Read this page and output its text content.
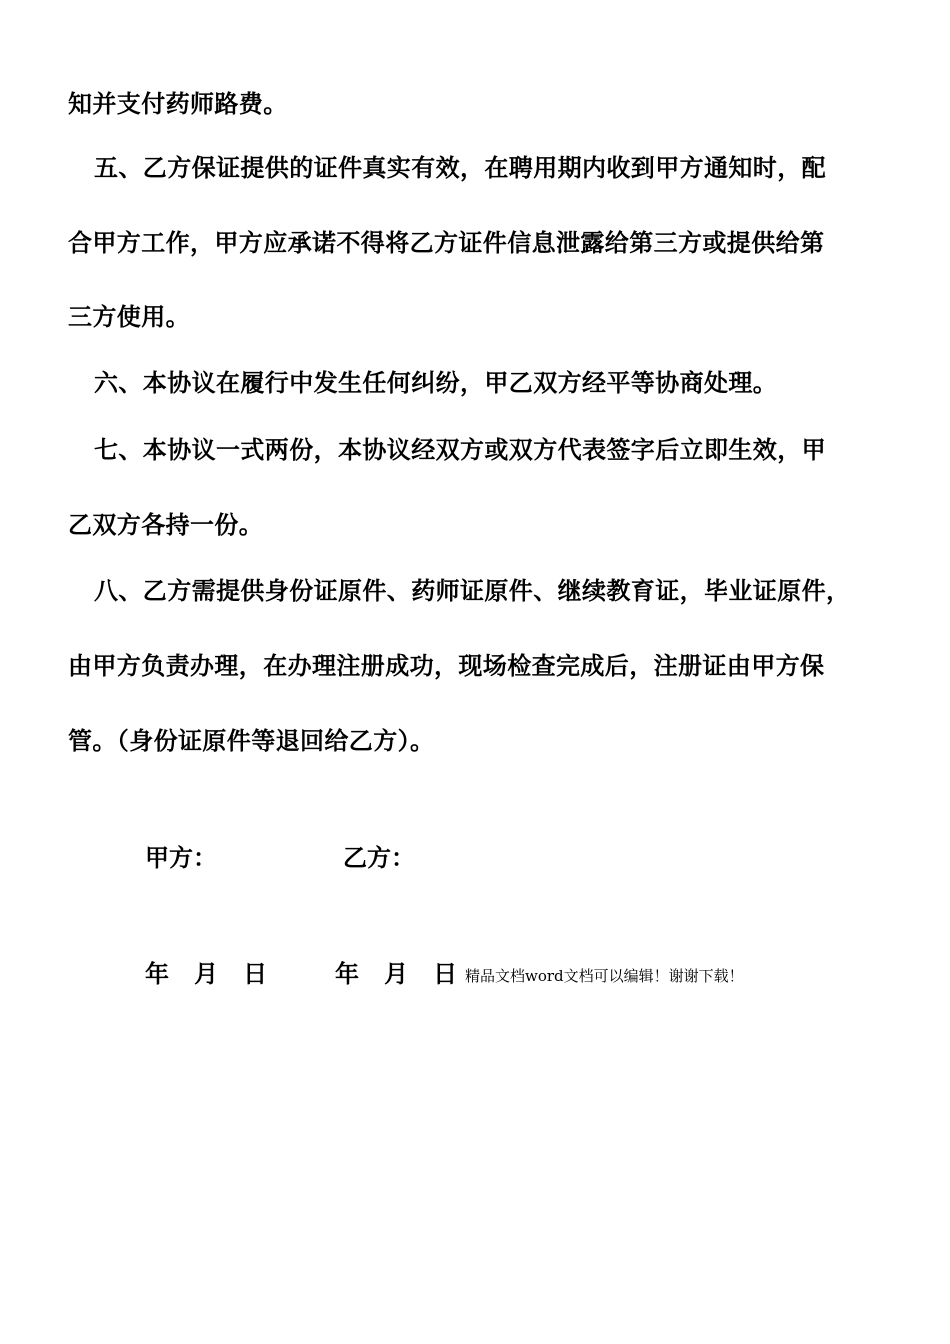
知并支付药师路费。
五、乙方保证提供的证件真实有效，在聘用期内收到甲方通知时，配
合甲方工作，甲方应承诺不得将乙方证件信息泄露给第三方或提供给第
三方使用。
六、本协议在履行中发生任何纠纷，甲乙双方经平等协商处理。
七、本协议一式两份，本协议经双方或双方代表签字后立即生效，甲
乙双方各持一份。
八、乙方需提供身份证原件、药师证原件、继续教育证，毕业证原件，
由甲方负责办理，在办理注册成功，现场检查完成后，注册证由甲方保
管。（身份证原件等退回给乙方）。
甲方：	乙方：
年   月   日	年   月   日 精品文档word文档可以编辑！谢谢下载！
